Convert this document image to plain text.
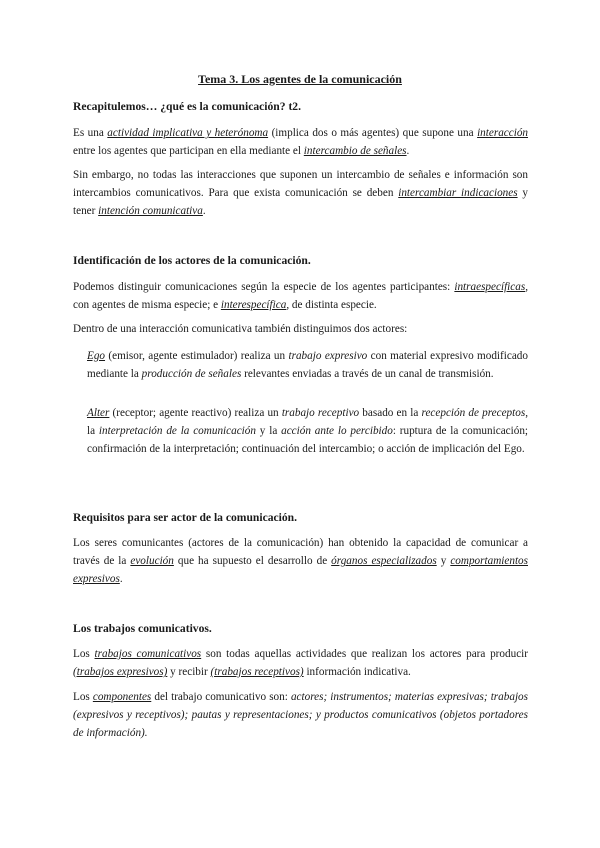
Tema 3. Los agentes de la comunicación
Recapitulemos… ¿qué es la comunicación? t2.
Es una actividad implicativa y heterónoma (implica dos o más agentes) que supone una interacción entre los agentes que participan en ella mediante el intercambio de señales.
Sin embargo, no todas las interacciones que suponen un intercambio de señales e información son intercambios comunicativos. Para que exista comunicación se deben intercambiar indicaciones y tener intención comunicativa.
Identificación de los actores de la comunicación.
Podemos distinguir comunicaciones según la especie de los agentes participantes: intraespecíficas, con agentes de misma especie; e interespecífica, de distinta especie.
Dentro de una interacción comunicativa también distinguimos dos actores:
Ego (emisor, agente estimulador) realiza un trabajo expresivo con material expresivo modificado mediante la producción de señales relevantes enviadas a través de un canal de transmisión.
Alter (receptor; agente reactivo) realiza un trabajo receptivo basado en la recepción de preceptos, la interpretación de la comunicación y la acción ante lo percibido: ruptura de la comunicación; confirmación de la interpretación; continuación del intercambio; o acción de implicación del Ego.
Requisitos para ser actor de la comunicación.
Los seres comunicantes (actores de la comunicación) han obtenido la capacidad de comunicar a través de la evolución que ha supuesto el desarrollo de órganos especializados y comportamientos expresivos.
Los trabajos comunicativos.
Los trabajos comunicativos son todas aquellas actividades que realizan los actores para producir (trabajos expresivos) y recibir (trabajos receptivos) información indicativa.
Los componentes del trabajo comunicativo son: actores; instrumentos; materias expresivas; trabajos (expresivos y receptivos); pautas y representaciones; y productos comunicativos (objetos portadores de información).
